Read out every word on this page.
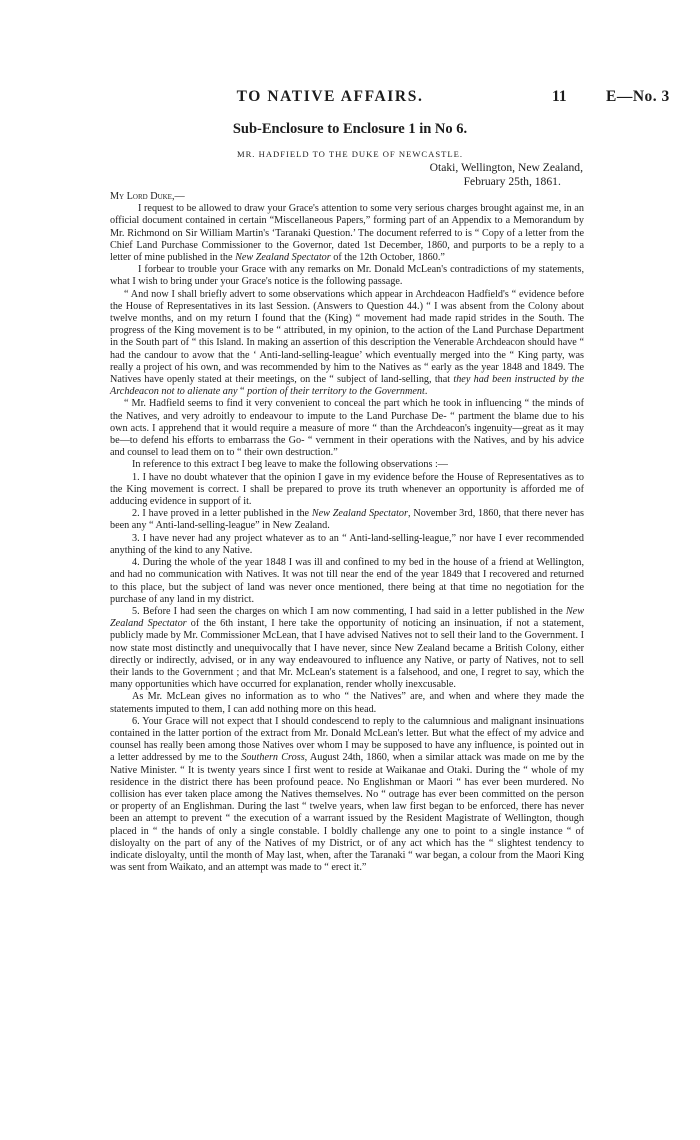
TO NATIVE AFFAIRS.	11	E—No. 3
Sub-Enclosure to Enclosure 1 in No 6.
MR. HADFIELD TO THE DUKE OF NEWCASTLE.
Otaki, Wellington, New Zealand,
February 25th, 1861.
My Lord Duke,—

I request to be allowed to draw your Grace's attention to some very serious charges brought against me, in an official document contained in certain “Miscellaneous Papers,” forming part of an Appendix to a Memorandum by Mr. Richmond on Sir William Martin's ‘Taranaki Question.’ The document referred to is “ Copy of a letter from the Chief Land Purchase Commissioner to the Governor, dated 1st December, 1860, and purports to be a reply to a letter of mine published in the New Zealand Spectator of the 12th October, 1860.”

I forbear to trouble your Grace with any remarks on Mr. Donald McLean's contradictions of my statements, what I wish to bring under your Grace's notice is the following passage.

“ And now I shall briefly advert to some observations which appear in Archdeacon Hadfield's “ evidence before the House of Representatives in its last Session. (Answers to Question 44.) “ I was absent from the Colony about twelve months, and on my return I found that the (King) “ movement had made rapid strides in the South. The progress of the King movement is to be “ attributed, in my opinion, to the action of the Land Purchase Department in the South part of “ this Island. In making an assertion of this description the Venerable Archdeacon should have “ had the candour to avow that the ‘ Anti-land-selling-league’ which eventually merged into the “ King party, was really a project of his own, and was recommended by him to the Natives as “ early as the year 1848 and 1849. The Natives have openly stated at their meetings, on the “ subject of land-selling, that they had been instructed by the Archdeacon not to alienate any “ portion of their territory to the Government.

“ Mr. Hadfield seems to find it very convenient to conceal the part which he took in influencing “ the minds of the Natives, and very adroitly to endeavour to impute to the Land Purchase De- “ partment the blame due to his own acts. I apprehend that it would require a measure of more “ than the Archdeacon's ingenuity—great as it may be—to defend his efforts to embarrass the Go- “ vernment in their operations with the Natives, and by his advice and counsel to lead them on to “ their own destruction.”

In reference to this extract I beg leave to make the following observations :—

1. I have no doubt whatever that the opinion I gave in my evidence before the House of Representatives as to the King movement is correct. I shall be prepared to prove its truth whenever an opportunity is afforded me of adducing evidence in support of it.

2. I have proved in a letter published in the New Zealand Spectator, November 3rd, 1860, that there never has been any “ Anti-land-selling-league” in New Zealand.

3. I have never had any project whatever as to an “ Anti-land-selling-league,” nor have I ever recommended anything of the kind to any Native.

4. During the whole of the year 1848 I was ill and confined to my bed in the house of a friend at Wellington, and had no communication with Natives. It was not till near the end of the year 1849 that I recovered and returned to this place, but the subject of land was never once mentioned, there being at that time no negotiation for the purchase of any land in my district.

5. Before I had seen the charges on which I am now commenting, I had said in a letter published in the New Zealand Spectator of the 6th instant, I here take the opportunity of noticing an insinuation, if not a statement, publicly made by Mr. Commissioner McLean, that I have advised Natives not to sell their land to the Government. I now state most distinctly and unequivocally that I have never, since New Zealand became a British Colony, either directly or indirectly, advised, or in any way endeavoured to influence any Native, or party of Natives, not to sell their lands to the Government ; and that Mr. McLean's statement is a falsehood, and one, I regret to say, which the many opportunities which have occurred for explanation, render wholly inexcusable.

As Mr. McLean gives no information as to who “ the Natives” are, and when and where they made the statements imputed to them, I can add nothing more on this head.

6. Your Grace will not expect that I should condescend to reply to the calumnious and malignant insinuations contained in the latter portion of the extract from Mr. Donald McLean's letter. But what the effect of my advice and counsel has really been among those Natives over whom I may be supposed to have any influence, is pointed out in a letter addressed by me to the Southern Cross, August 24th, 1860, when a similar attack was made on me by the Native Minister. “ It is twenty years since I first went to reside at Waikanae and Otaki. During the “ whole of my residence in the district there has been profound peace. No Englishman or Maori “ has ever been murdered. No collision has ever taken place among the Natives themselves. No “ outrage has ever been committed on the person or property of an Englishman. During the last “ twelve years, when law first began to be enforced, there has never been an attempt to prevent “ the execution of a warrant issued by the Resident Magistrate of Wellington, though placed in “ the hands of only a single constable. I boldly challenge any one to point to a single instance “ of disloyalty on the part of any of the Natives of my District, or of any act which has the “ slightest tendency to indicate disloyalty, until the month of May last, when, after the Taranaki “ war began, a colour from the Maori King was sent from Waikato, and an attempt was made to “ erect it.”
